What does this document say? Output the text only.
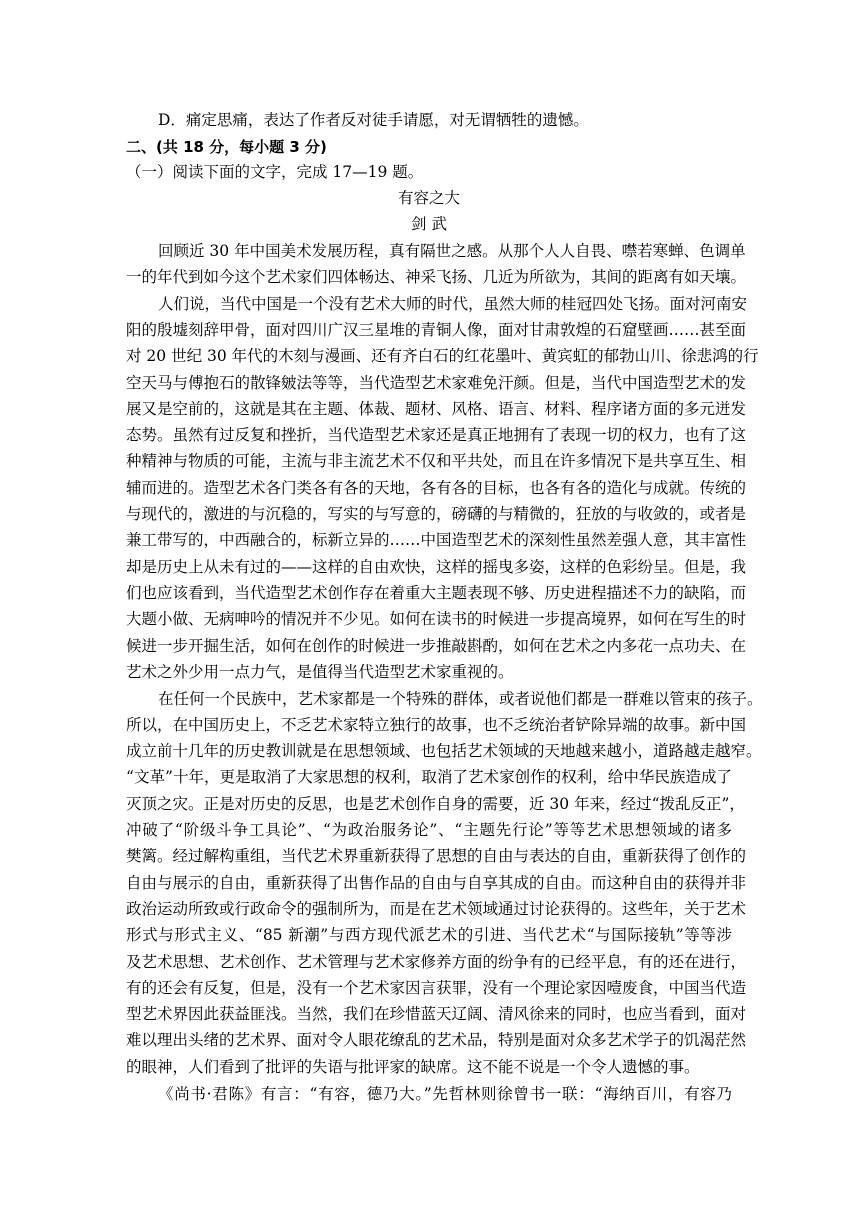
D．痛定思痛，表达了作者反对徒手请愿，对无谓牺牲的遗憾。
二、(共 18 分，每小题 3 分)
（一）阅读下面的文字，完成 17—19 题。
有容之大
剑 武
回顾近 30 年中国美术发展历程，真有隔世之感。从那个人人自畏、噤若寒蝉、色调单
一的年代到如今这个艺术家们四体畅达、神采飞扬、几近为所欲为，其间的距离有如天壤。
人们说，当代中国是一个没有艺术大师的时代，虽然大师的桂冠四处飞扬。面对河南安
阳的殷墟刻辞甲骨，面对四川广汉三星堆的青铜人像，面对甘肃敦煌的石窟壁画……甚至面
对 20 世纪 30 年代的木刻与漫画、还有齐白石的红花墨叶、黄宾虹的郁勃山川、徐悲鸿的行
空天马与傅抱石的散锋皴法等等，当代造型艺术家难免汗颜。但是，当代中国造型艺术的发
展又是空前的，这就是其在主题、体裁、题材、风格、语言、材料、程序诸方面的多元迸发
态势。虽然有过反复和挫折，当代造型艺术家还是真正地拥有了表现一切的权力，也有了这
种精神与物质的可能，主流与非主流艺术不仅和平共处，而且在许多情况下是共享互生、相
辅而进的。造型艺术各门类各有各的天地，各有各的目标，也各有各的造化与成就。传统的
与现代的，激进的与沉稳的，写实的与写意的，磅礴的与精微的，狂放的与收敛的，或者是
兼工带写的，中西融合的，标新立异的……中国造型艺术的深刻性虽然差强人意，其丰富性
却是历史上从未有过的——这样的自由欢快，这样的摇曳多姿，这样的色彩纷呈。但是，我
们也应该看到，当代造型艺术创作存在着重大主题表现不够、历史进程描述不力的缺陷，而
大题小做、无病呻吟的情况并不少见。如何在读书的时候进一步提高境界，如何在写生的时
候进一步开掘生活，如何在创作的时候进一步推敲斟酌，如何在艺术之内多花一点功夫、在
艺术之外少用一点力气，是值得当代造型艺术家重视的。
在任何一个民族中，艺术家都是一个特殊的群体，或者说他们都是一群难以管束的孩子。
所以，在中国历史上，不乏艺术家特立独行的故事，也不乏统治者铲除异端的故事。新中国
成立前十几年的历史教训就是在思想领域、也包括艺术领域的天地越来越小，道路越走越窄。
“文革”十年，更是取消了大家思想的权利，取消了艺术家创作的权利，给中华民族造成了
灭顶之灾。正是对历史的反思，也是艺术创作自身的需要，近 30 年来，经过“拨乱反正”，
冲破了“阶级斗争工具论”、“为政治服务论”、“主题先行论”等等艺术思想领域的诸多
樊篱。经过解构重组，当代艺术界重新获得了思想的自由与表达的自由，重新获得了创作的
自由与展示的自由，重新获得了出售作品的自由与自享其成的自由。而这种自由的获得并非
政治运动所致或行政命令的强制所为，而是在艺术领域通过讨论获得的。这些年，关于艺术
形式与形式主义、“85 新潮”与西方现代派艺术的引进、当代艺术“与国际接轨”等等涉
及艺术思想、艺术创作、艺术管理与艺术家修养方面的纷争有的已经平息，有的还在进行，
有的还会有反复，但是，没有一个艺术家因言获罪，没有一个理论家因噎废食，中国当代造
型艺术界因此获益匪浅。当然，我们在珍惜蓝天辽阔、清风徐来的同时，也应当看到，面对
难以理出头绪的艺术界、面对令人眼花缭乱的艺术品，特别是面对众多艺术学子的饥渴茫然
的眼神，人们看到了批评的失语与批评家的缺席。这不能不说是一个令人遗憾的事。
《尚书·君陈》有言：“有容，德乃大。”先哲林则徐曾书一联：“海纳百川，有容乃
